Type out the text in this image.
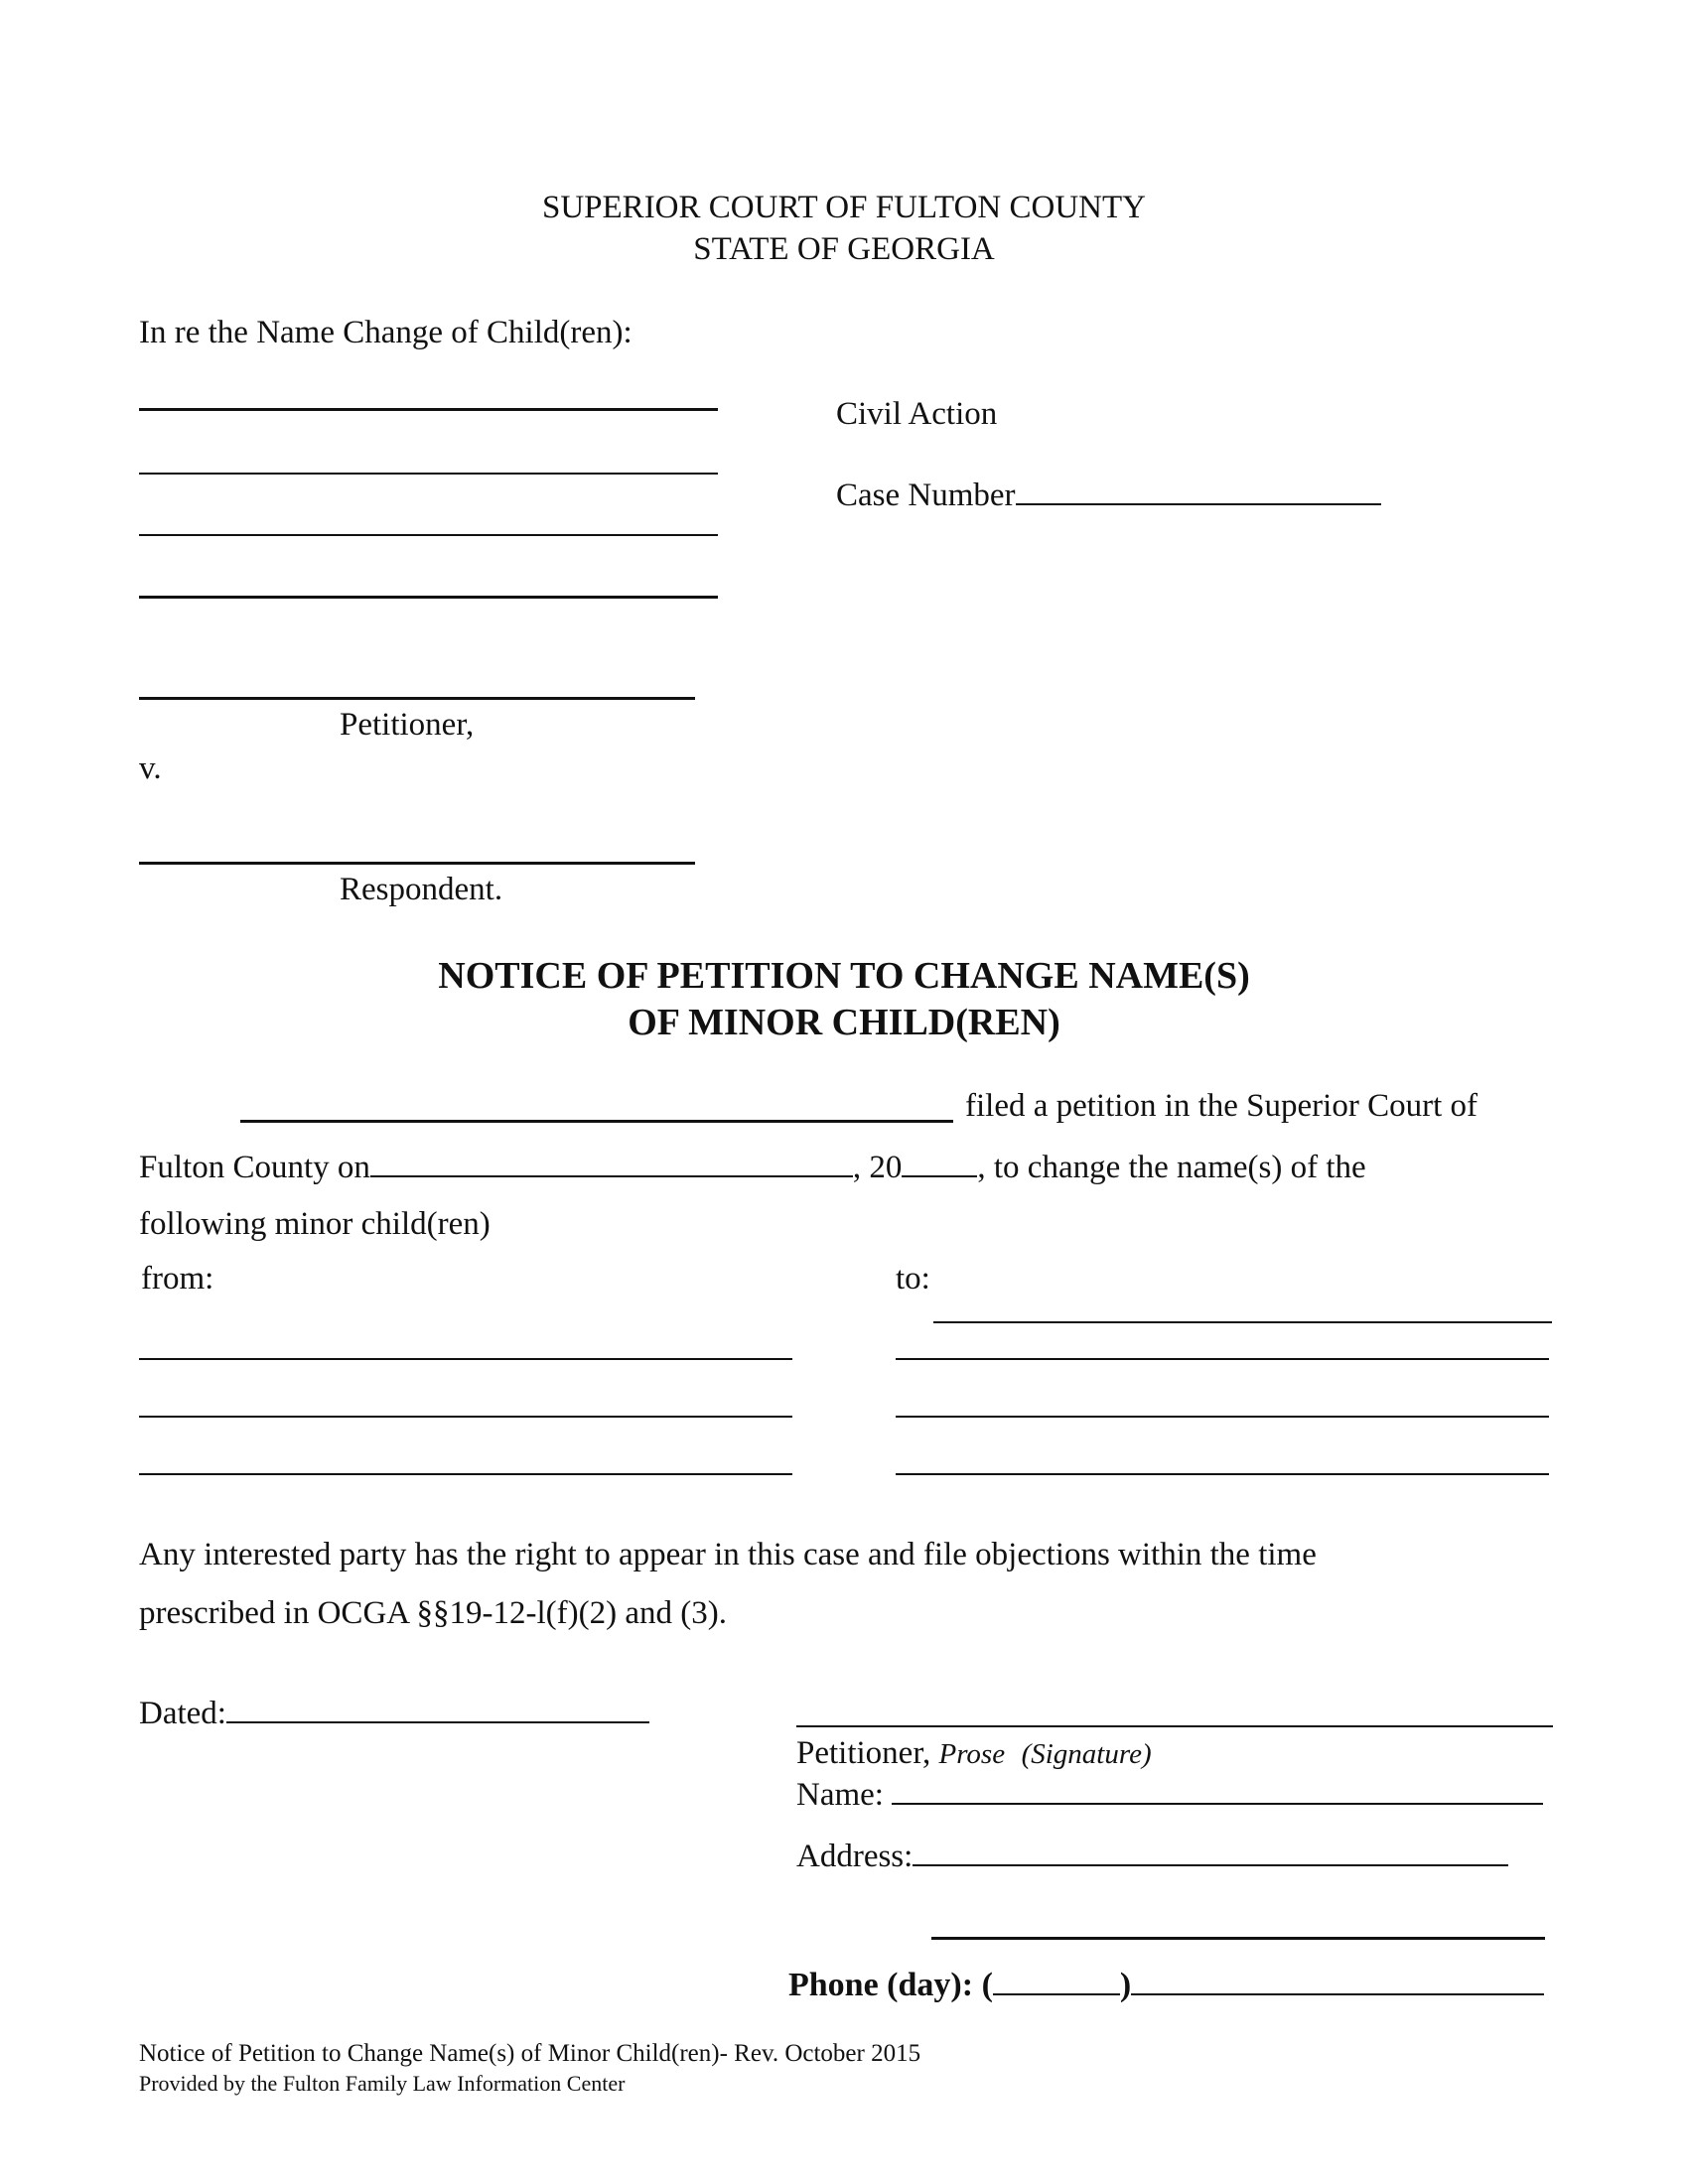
SUPERIOR COURT OF FULTON COUNTY
STATE OF GEORGIA
In re the Name Change of Child(ren):
Civil Action
Case Number
Petitioner,
v.
Respondent.
NOTICE OF PETITION TO CHANGE NAME(S)
OF MINOR CHILD(REN)
filed a petition in the Superior Court of
Fulton County on	, 20 , to change the name(s) of the
following minor child(ren)
from:	to:
Any interested party has the right to appear in this case and file objections within the time
prescribed in OCGA §§19-12-l(f)(2) and (3).
Dated:
Petitioner, Prose (Signature)
Name:
Address:
Phone (day): (	)
Notice of Petition to Change Name(s) of Minor Child(ren)- Rev. October 2015
Provided by the Fulton Family Law Information Center
